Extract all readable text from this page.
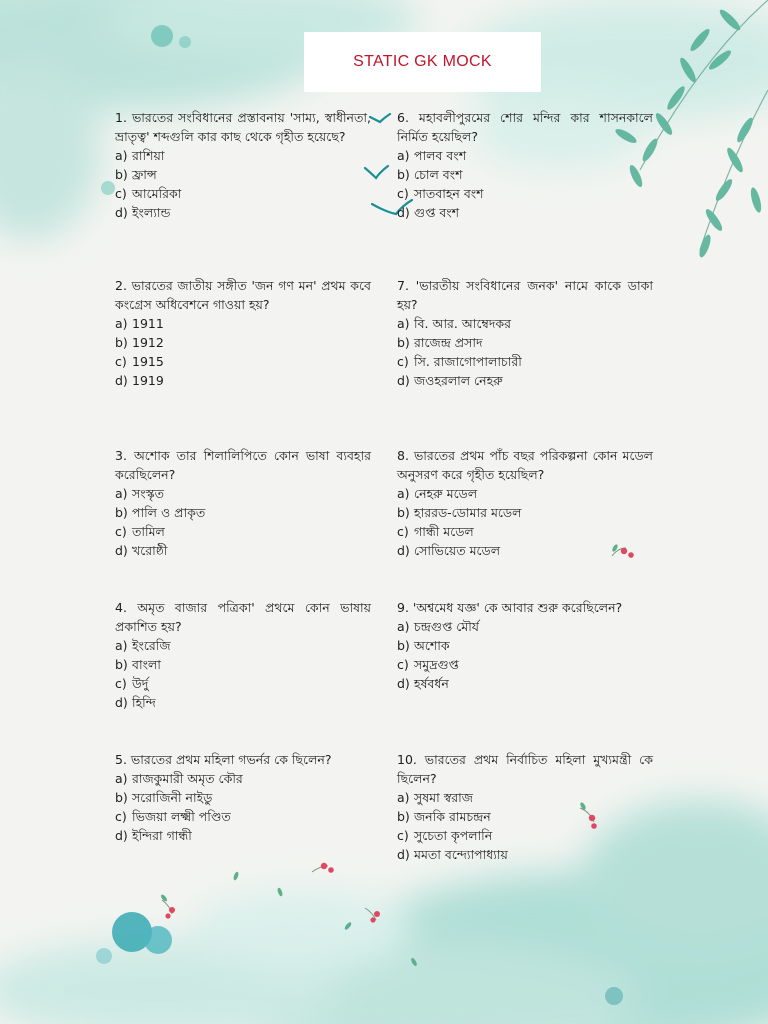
STATIC GK MOCK

1. ভারতের সংবিধানের প্রস্তাবনায় 'সাম্য, স্বাধীনতা, ভ্রাতৃত্ব' শব্দগুলি কার কাছ থেকে গৃহীত হয়েছে?

a) রাশিয়া
b) ফ্রান্স
c) আমেরিকা
d) ইংল্যান্ড

2. ভারতের জাতীয় সঙ্গীত 'জন গণ মন' প্রথম কবে কংগ্রেস অধিবেশনে গাওয়া হয়?

a) 1911
b) 1912
c) 1915
d) 1919

3. অশোক তার শিলালিপিতে কোন ভাষা ব্যবহার করেছিলেন?

a) সংস্কৃত
b) পালি ও প্রাকৃত
c) তামিল
d) খরোষ্ঠী

4. অমৃত বাজার পত্রিকা' প্রথমে কোন ভাষায় প্রকাশিত হয়?

a) ইংরেজি
b) বাংলা
c) উর্দু
d) হিন্দি

5. ভারতের প্রথম মহিলা গভর্নর কে ছিলেন?

a) রাজকুমারী অমৃত কৌর
b) সরোজিনী নাইডু
c) ভিজয়া লক্ষ্মী পণ্ডিত
d) ইন্দিরা গান্ধী

6. মহাবলীপুরমের শোর মন্দির কার শাসনকালে নির্মিত হয়েছিল?

a) পালব বংশ
b) চোল বংশ
c) সাতবাহন বংশ
d) গুপ্ত বংশ

7. 'ভারতীয় সংবিধানের জনক' নামে কাকে ডাকা হয়?

a) বি. আর. আম্বেদকর
b) রাজেন্দ্র প্রসাদ
c) সি. রাজাগোপালাচারী
d) জওহরলাল নেহরু

8. ভারতের প্রথম পাঁচ বছর পরিকল্পনা কোন মডেল অনুসরণ করে গৃহীত হয়েছিল?

a) নেহরু মডেল
b) হাররড-ডোমার মডেল
c) গান্ধী মডেল
d) সোভিয়েত মডেল

9. 'অশ্বমেধ যজ্ঞ' কে আবার শুরু করেছিলেন?

a) চন্দ্রগুপ্ত মৌর্য
b) অশোক
c) সমুদ্রগুপ্ত
d) হর্ষবর্ধন

10. ভারতের প্রথম নির্বাচিত মহিলা মুখ্যমন্ত্রী কে ছিলেন?

a) সুষমা স্বরাজ
b) জনকি রামচন্দ্রন
c) সুচেতা কৃপলানি
d) মমতা বন্দ্যোপাধ্যায়
